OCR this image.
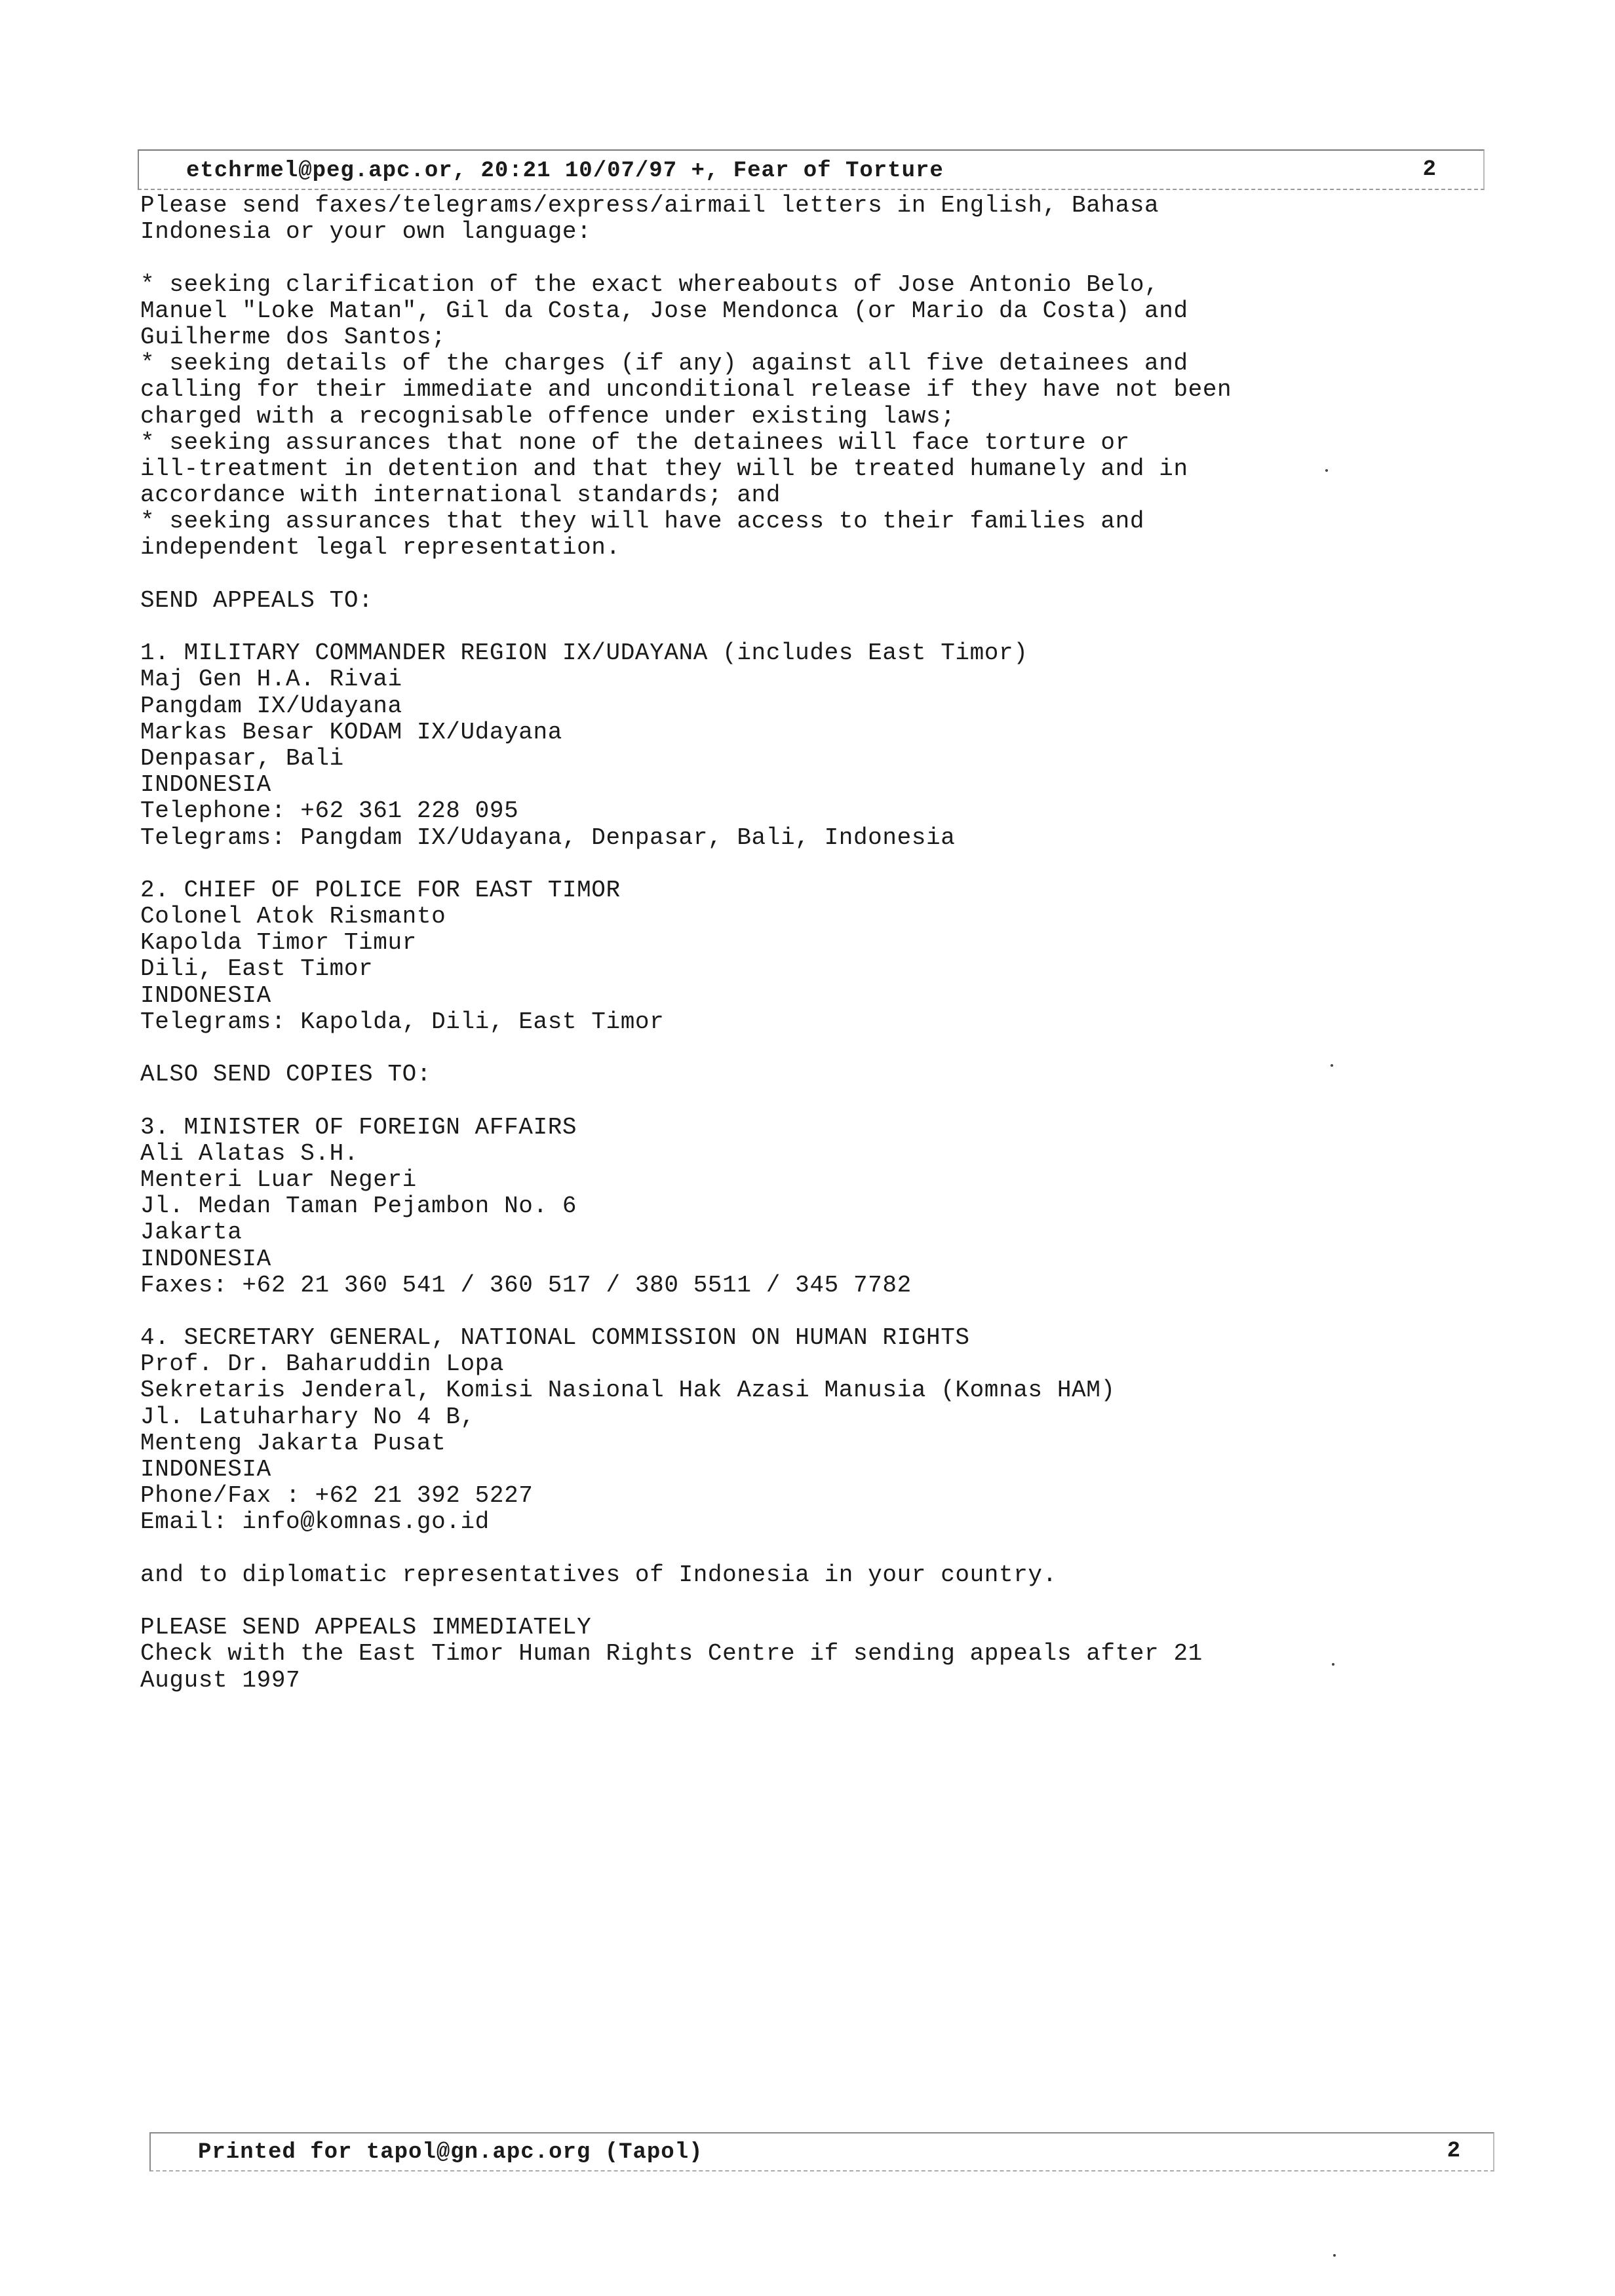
etchrmel@peg.apc.or, 20:21 10/07/97 +, Fear of Torture	2
Please send faxes/telegrams/express/airmail letters in English, Bahasa
Indonesia or your own language:
* seeking clarification of the exact whereabouts of Jose Antonio Belo,
Manuel "Loke Matan", Gil da Costa, Jose Mendonca (or Mario da Costa) and
Guilherme dos Santos;
* seeking details of the charges (if any) against all five detainees and
calling for their immediate and unconditional release if they have not been
charged with a recognisable offence under existing laws;
* seeking assurances that none of the detainees will face torture or
ill-treatment in detention and that they will be treated humanely and in
accordance with international standards; and
* seeking assurances that they will have access to their families and
independent legal representation.
SEND APPEALS TO:
1. MILITARY COMMANDER REGION IX/UDAYANA (includes East Timor)
Maj Gen H.A. Rivai
Pangdam IX/Udayana
Markas Besar KODAM IX/Udayana
Denpasar, Bali
INDONESIA
Telephone: +62 361 228 095
Telegrams: Pangdam IX/Udayana, Denpasar, Bali, Indonesia
2. CHIEF OF POLICE FOR EAST TIMOR
Colonel Atok Rismanto
Kapolda Timor Timur
Dili, East Timor
INDONESIA
Telegrams: Kapolda, Dili, East Timor
ALSO SEND COPIES TO:
3. MINISTER OF FOREIGN AFFAIRS
Ali Alatas S.H.
Menteri Luar Negeri
Jl. Medan Taman Pejambon No. 6
Jakarta
INDONESIA
Faxes: +62 21 360 541 / 360 517 / 380 5511 / 345 7782
4. SECRETARY GENERAL, NATIONAL COMMISSION ON HUMAN RIGHTS
Prof. Dr. Baharuddin Lopa
Sekretaris Jenderal, Komisi Nasional Hak Azasi Manusia (Komnas HAM)
Jl. Latuharhary No 4 B,
Menteng Jakarta Pusat
INDONESIA
Phone/Fax : +62 21 392 5227
Email: info@komnas.go.id
and to diplomatic representatives of Indonesia in your country.
PLEASE SEND APPEALS IMMEDIATELY
Check with the East Timor Human Rights Centre if sending appeals after 21
August 1997
Printed for tapol@gn.apc.org (Tapol)	2
